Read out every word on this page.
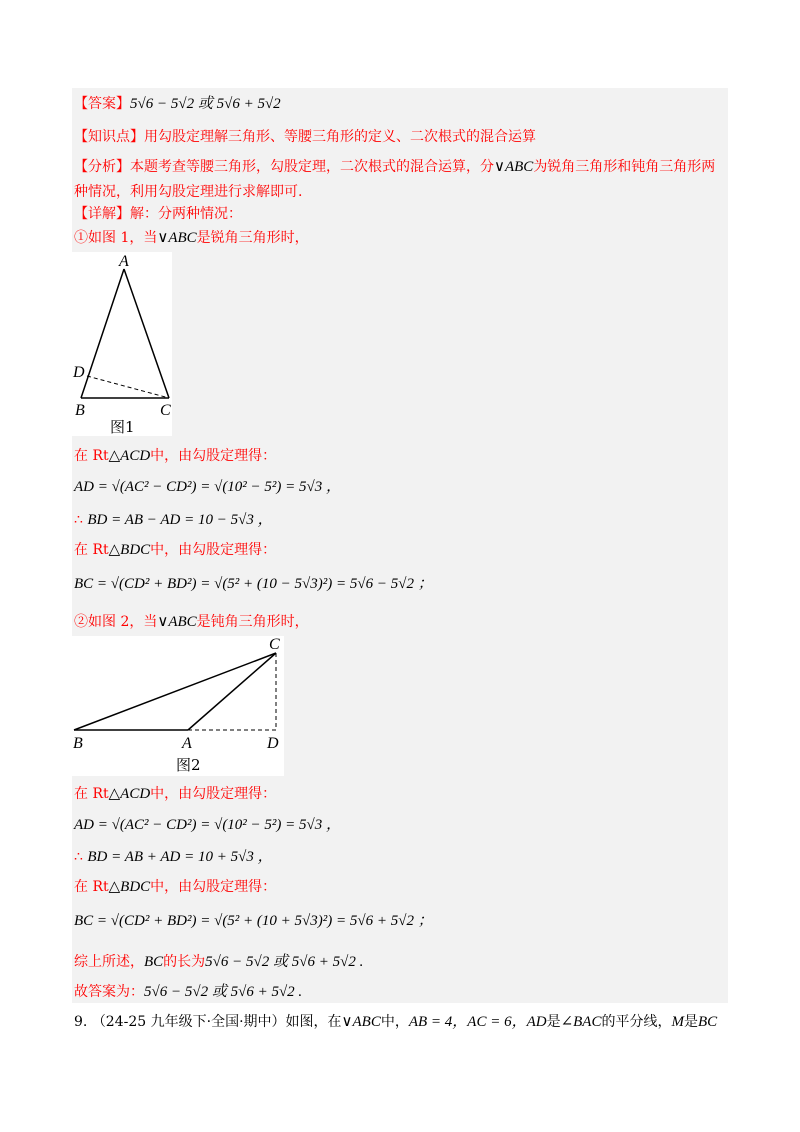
【答案】5√6 − 5√2 或 5√6 + 5√2
【知识点】用勾股定理解三角形、等腰三角形的定义、二次根式的混合运算
【分析】本题考查等腰三角形，勾股定理，二次根式的混合运算，分∨ABC为锐角三角形和钝角三角形两
种情况，利用勾股定理进行求解即可.
【详解】解：分两种情况：
①如图 1，当∨ABC是锐角三角形时，
A
D
B	C
图1
在 Rt△ACD中，由勾股定理得：
AD = √(AC² − CD²) = √(10² − 5²) = 5√3 ，
∴ BD = AB − AD = 10 − 5√3 ，
在 Rt△BDC中，由勾股定理得：
BC = √(CD² + BD²) = √(5² + (10 − 5√3)²) = 5√6 − 5√2 ；
②如图 2，当∨ABC是钝角三角形时，
C
B	A	D
图2
在 Rt△ACD中，由勾股定理得：
AD = √(AC² − CD²) = √(10² − 5²) = 5√3 ，
∴ BD = AB + AD = 10 + 5√3 ，
在 Rt△BDC中，由勾股定理得：
BC = √(CD² + BD²) = √(5² + (10 + 5√3)²) = 5√6 + 5√2 ；
综上所述，BC的长为5√6 − 5√2 或 5√6 + 5√2 .
故答案为：5√6 − 5√2 或 5√6 + 5√2 .
9. （24-25 九年级下·全国·期中）如图，在∨ABC中，AB = 4，AC = 6，AD是∠BAC的平分线，M是BC
